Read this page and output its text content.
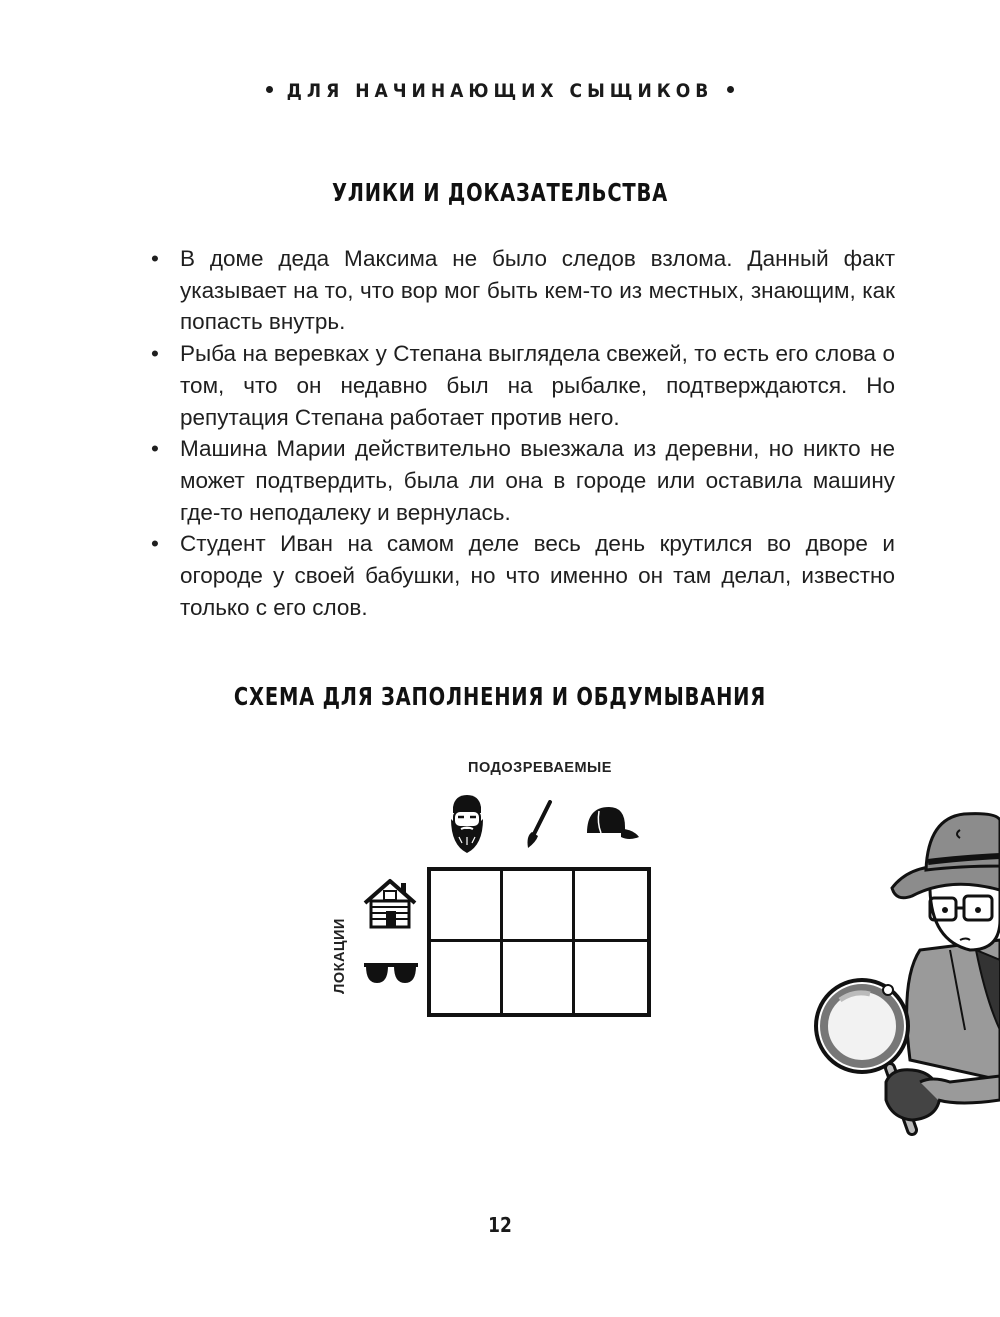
ДЛЯ НАЧИНАЮЩИХ СЫЩИКОВ
УЛИКИ И ДОКАЗАТЕЛЬСТВА
• В доме деда Максима не было следов взлома. Данный факт указывает на то, что вор мог быть кем-то из местных, знающим, как попасть внутрь.
• Рыба на веревках у Степана выглядела свежей, то есть его слова о том, что он недавно был на рыбалке, подтверждаются. Но репутация Степана работает против него.
• Машина Марии действительно выезжала из деревни, но никто не может подтвердить, была ли она в городе или оставила машину где-то неподалеку и вернулась.
• Студент Иван на самом деле весь день крутился во дворе и огороде у своей бабушки, но что именно он там делал, известно только с его слов.
СХЕМА ДЛЯ ЗАПОЛНЕНИЯ И ОБДУМЫВАНИЯ
ПОДОЗРЕВАЕМЫЕ
ЛОКАЦИИ
12
